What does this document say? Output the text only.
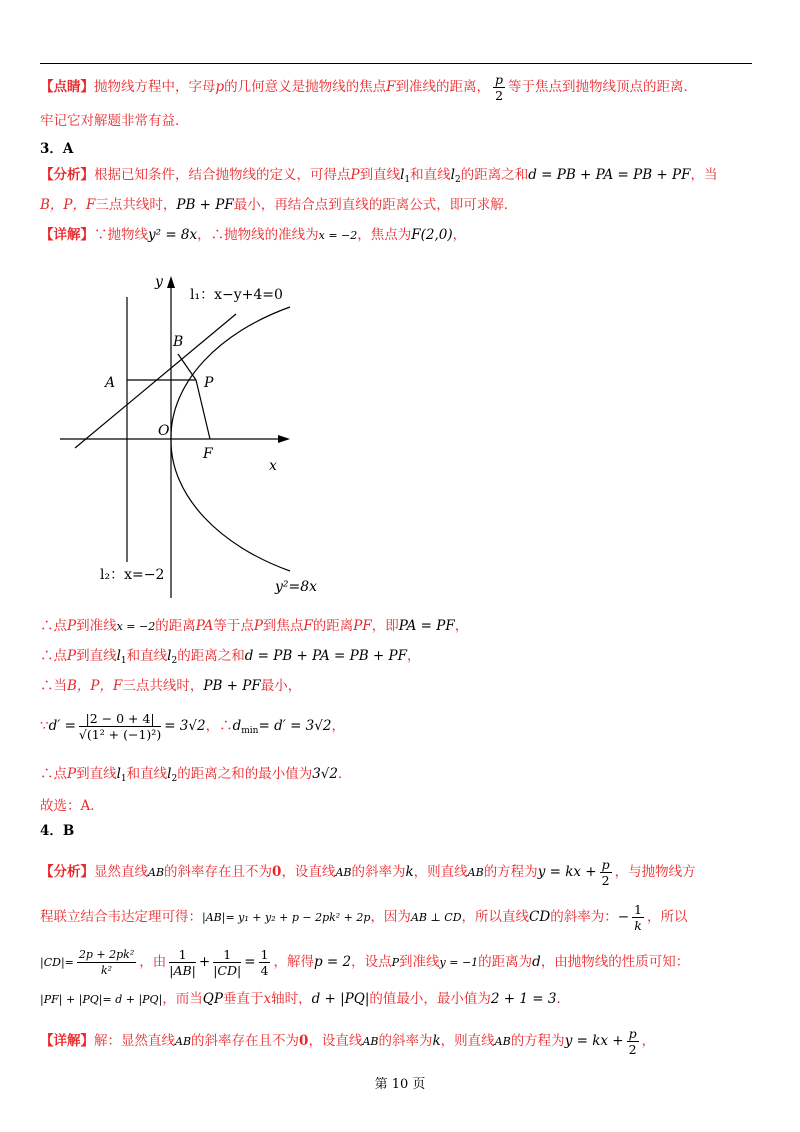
【点睛】抛物线方程中，字母p的几何意义是抛物线的焦点F到准线的距离， $\frac{p}{2}$ 等于焦点到抛物线顶点的距离．
牢记它对解题非常有益．
3．A
【分析】根据已知条件，结合抛物线的定义，可得点P到直线$l_1$和直线$l_2$的距离之和d = PB + PA = PB + PF，当
B，P，F三点共线时，PB + PF最小，再结合点到直线的距离公式，即可求解．
【详解】∵抛物线y² = 8x，∴抛物线的准线为x = −2，焦点为F(2,0)，
y
x
l₁：x−y+4=0
B
A	P
O
F
l₂：x=−2
y²=8x
∴点P到准线x = −2的距离PA等于点P到焦点F的距离PF，即PA = PF，
∴点P到直线$l_1$和直线$l_2$的距离之和d = PB + PA = PB + PF，
∴当B，P，F三点共线时，PB + PF最小，
∵d′ = $\frac{|2 - 0 + 4|}{\text{√(1² + (−1)²)}} = 3√2$，$\therefore d_{min}= d' = 3√2$，
∴点P到直线$l_1$和直线$l_2$的距离之和的最小值为3√2．
故选：A．
4．B
【分析】显然直线AB的斜率存在且不为0，设直线AB的斜率为k，则直线AB的方程为y = kx + $\frac{p}{2}$ ，与抛物线方
程联立结合韦达定理可得：|AB|= y₁ + y₂ + p − 2pk² + 2p，因为AB ⊥ CD，所以直线CD的斜率为：− $\frac{1}{k}$ ，所以
$|CD|= \frac{\text{2p + 2pk²}}{\text{k²}}$ ，由 $\frac{1}{|AB|} + \frac{1}{|CD|} = \frac{1}{4}$ ，解得p = 2，设点P到准线y = −1的距离为d，由抛物线的性质可知：
|PF| + |PQ|= d + |PQ|，而当QP垂直于x轴时，d + |PQ|的值最小，最小值为2 + 1 = 3．
【详解】解：显然直线AB的斜率存在且不为0，设直线AB的斜率为k，则直线AB的方程为y = kx + $\frac{p}{2}$ ，
第 10 页
